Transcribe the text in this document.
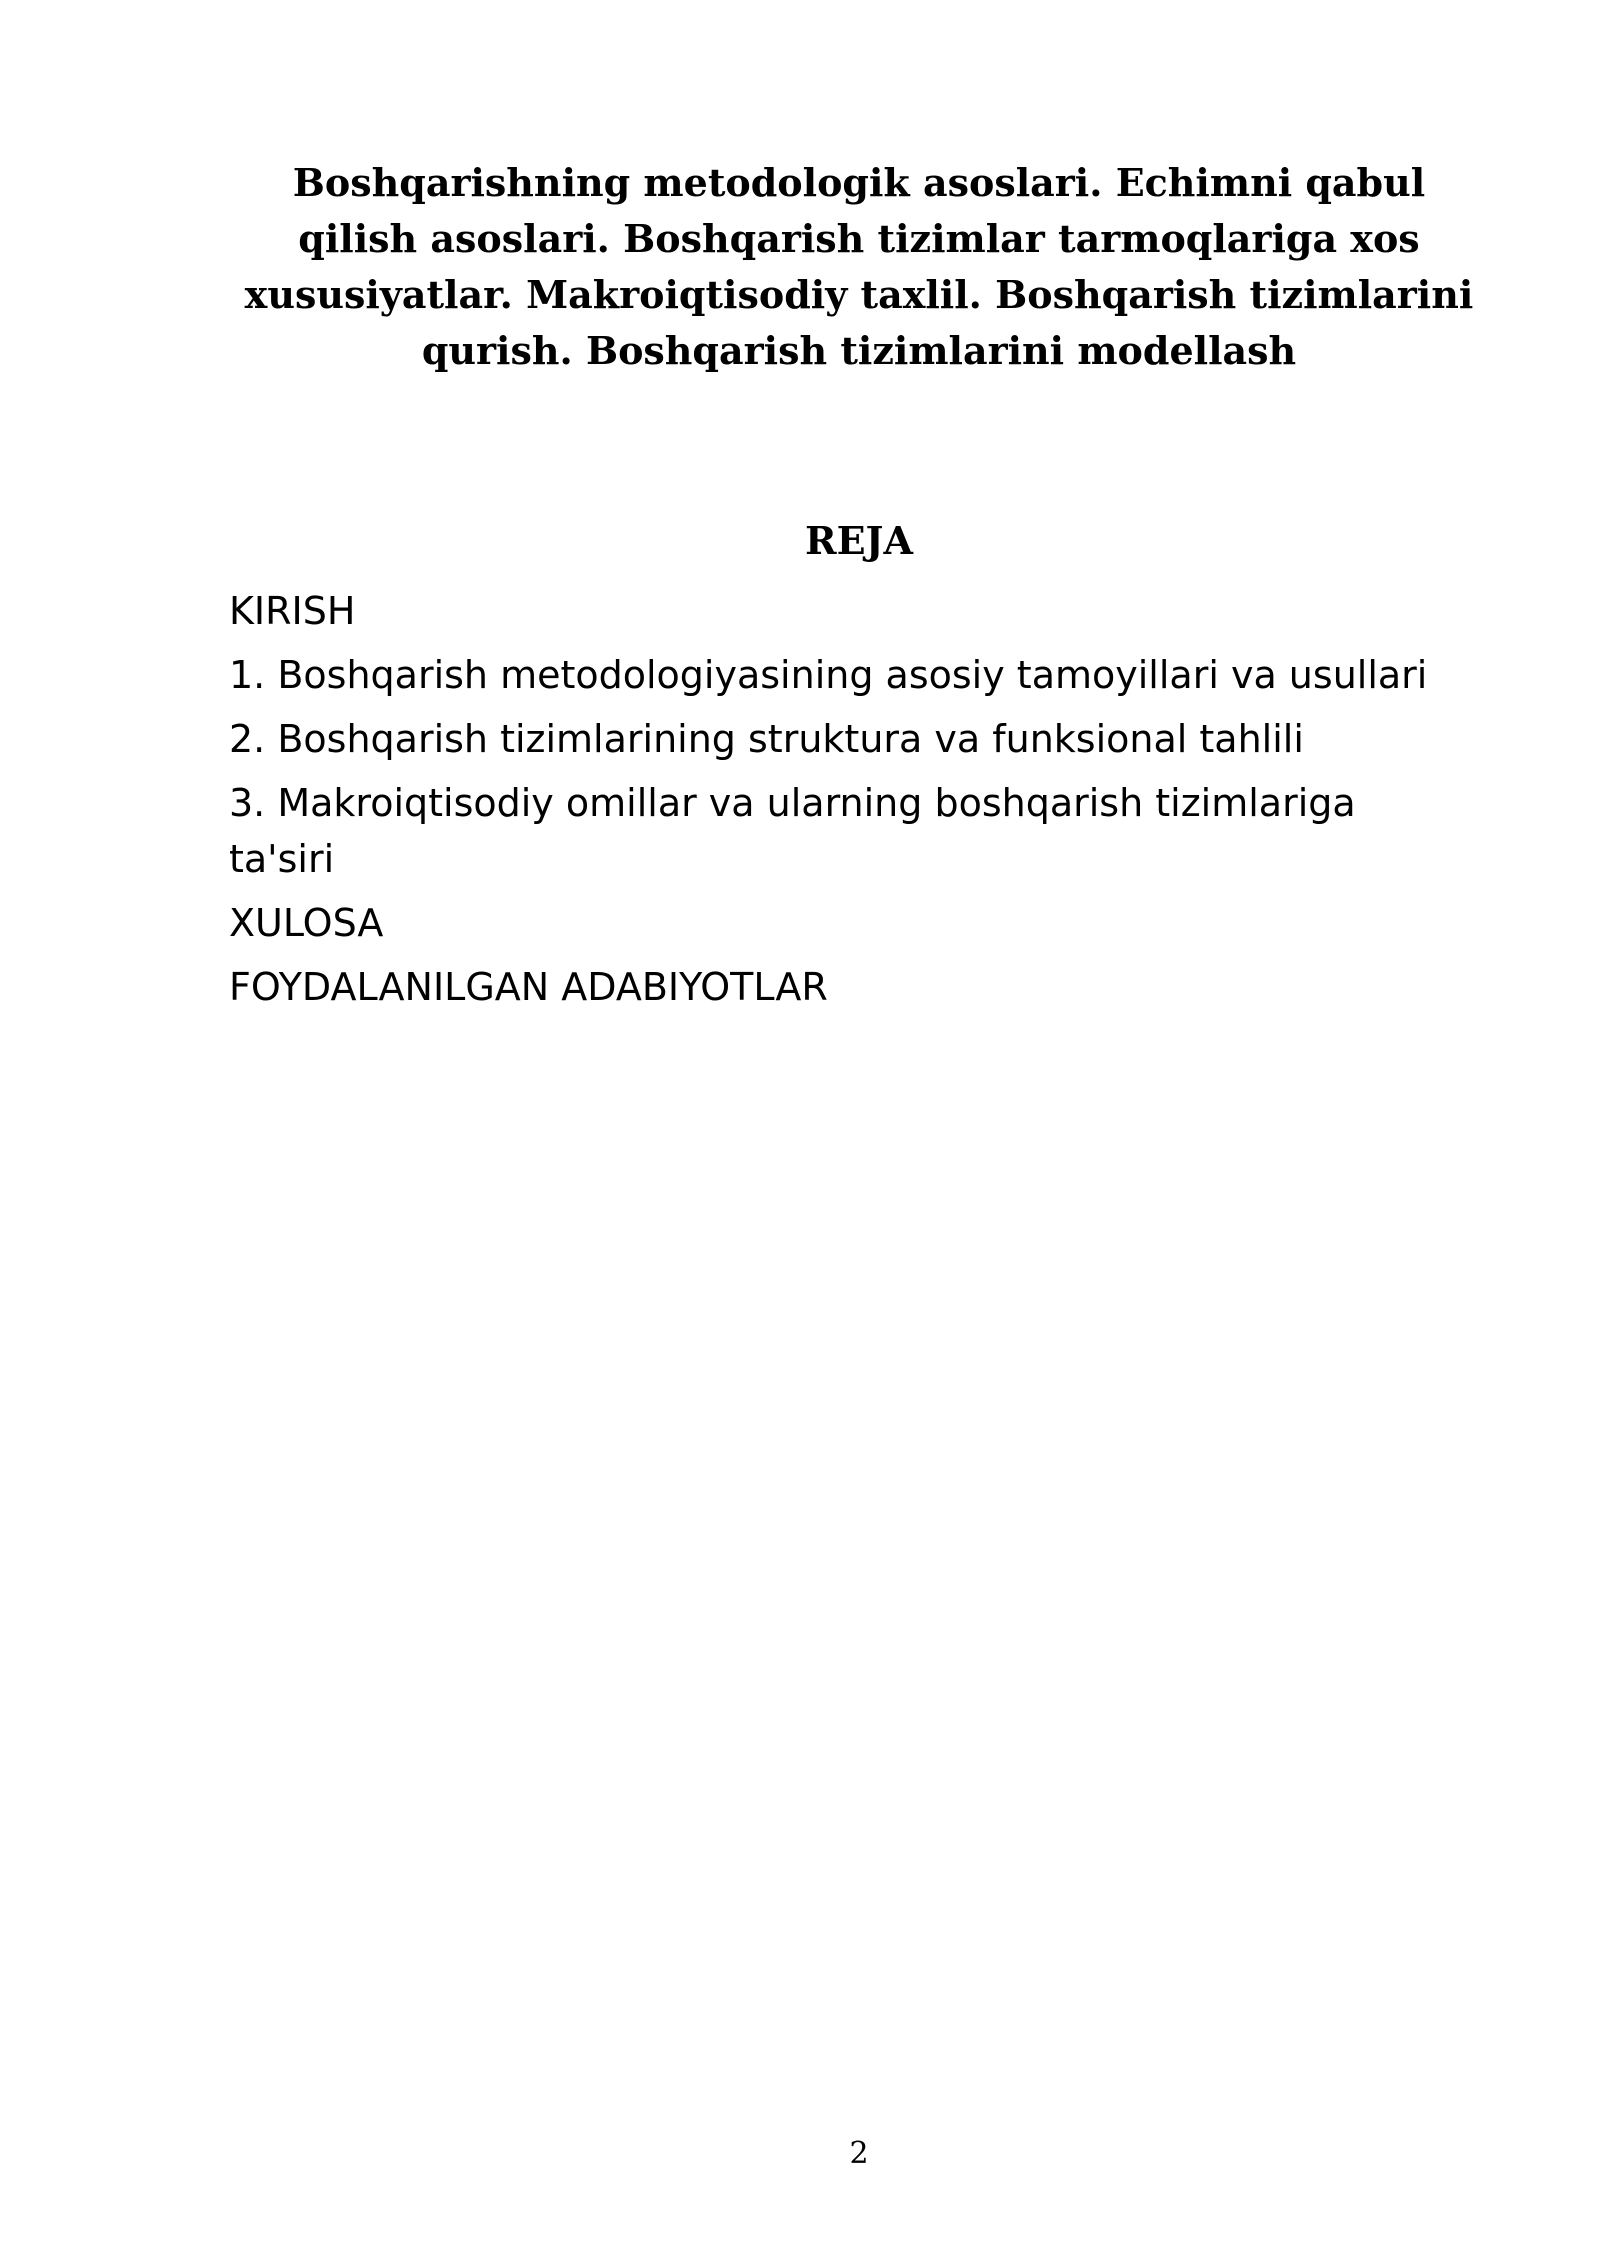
Boshqarishning metodologik asoslari. Echimni qabul qilish asoslari. Boshqarish tizimlar tarmoqlariga xos xususiyatlar. Makroiqtisodiy taxlil. Boshqarish tizimlarini qurish. Boshqarish tizimlarini modellash
REJA
KIRISH
1. Boshqarish metodologiyasining asosiy tamoyillari va usullari
2. Boshqarish tizimlarining struktura va funksional tahlili
3. Makroiqtisodiy omillar va ularning boshqarish tizimlariga ta'siri
XULOSA
FOYDALANILGAN ADABIYOTLAR
2
